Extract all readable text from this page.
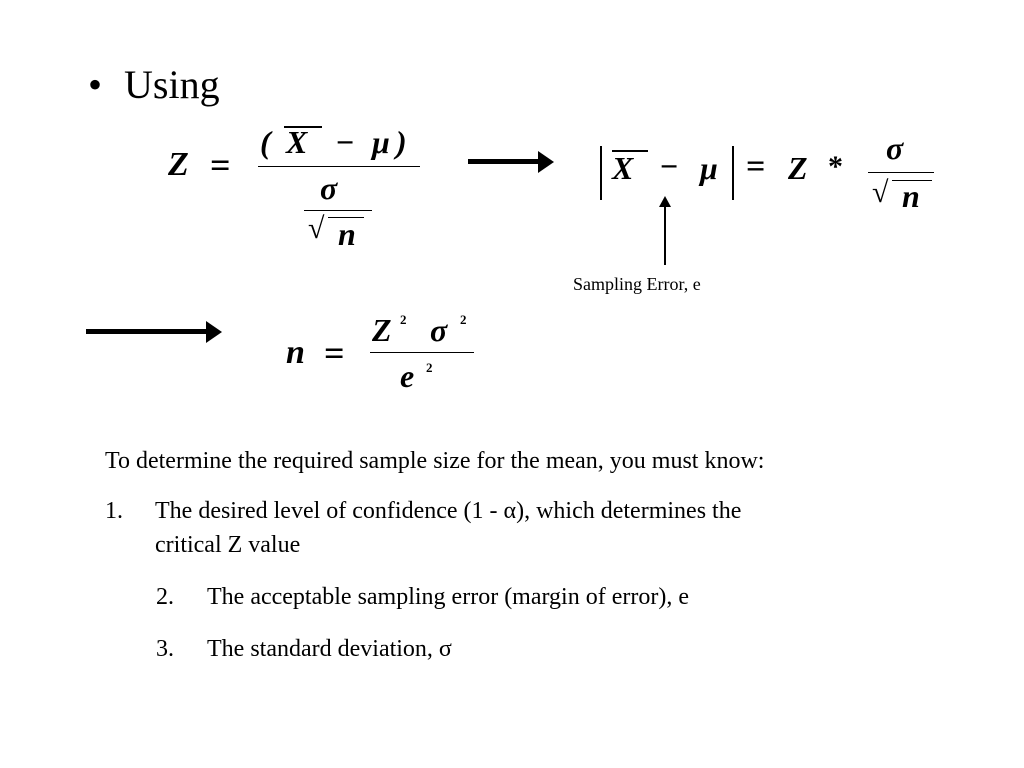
• Using
Z =
( X − μ )
σ
√ n
X − μ = Z *
σ
√ n
Sampling Error, e
n =
Z 2 σ 2
e 2
To determine the required sample size for the mean, you must know:
1. The desired level of confidence (1 - α), which determines the
critical Z value
2. The acceptable sampling error (margin of error), e
3. The standard deviation, σ
